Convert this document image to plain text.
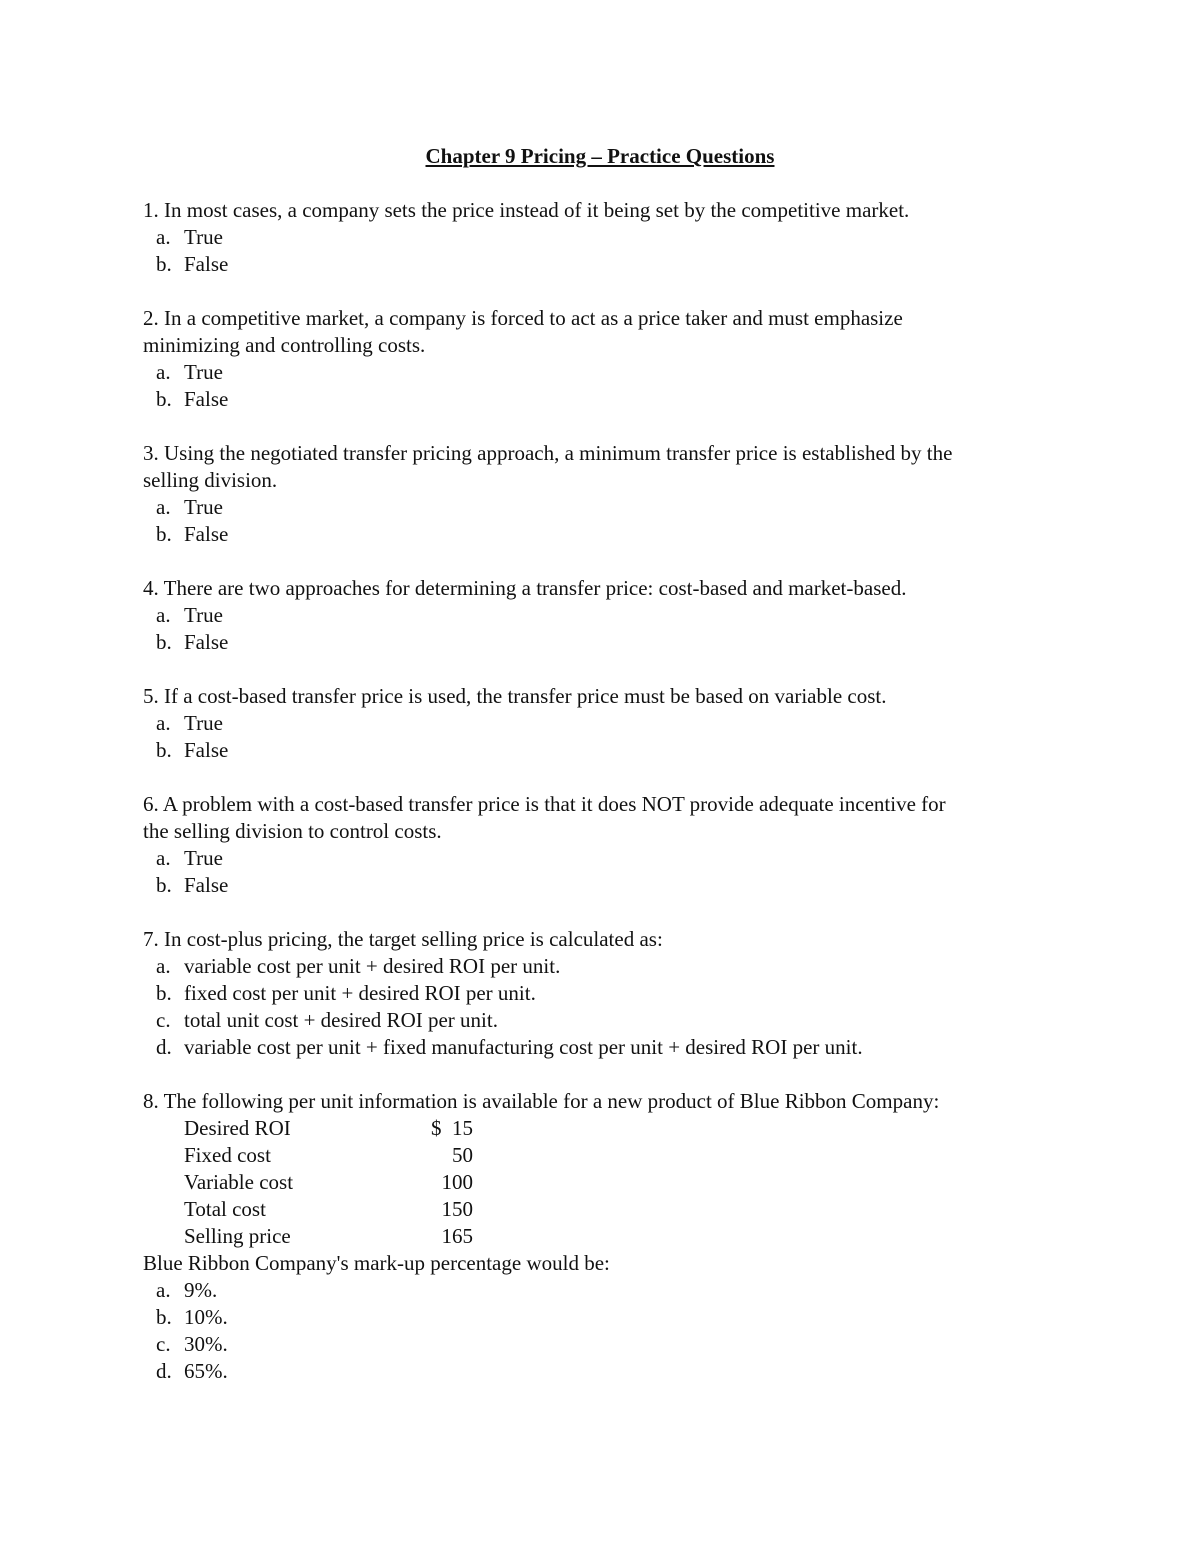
Chapter 9 Pricing – Practice Questions
1. In most cases, a company sets the price instead of it being set by the competitive market.
a. True
b. False
2. In a competitive market, a company is forced to act as a price taker and must emphasize
minimizing and controlling costs.
a. True
b. False
3. Using the negotiated transfer pricing approach, a minimum transfer price is established by the
selling division.
a. True
b. False
4. There are two approaches for determining a transfer price: cost-based and market-based.
a. True
b. False
5. If a cost-based transfer price is used, the transfer price must be based on variable cost.
a. True
b. False
6. A problem with a cost-based transfer price is that it does NOT provide adequate incentive for
the selling division to control costs.
a. True
b. False
7. In cost-plus pricing, the target selling price is calculated as:
a. variable cost per unit + desired ROI per unit.
b. fixed cost per unit + desired ROI per unit.
c. total unit cost + desired ROI per unit.
d. variable cost per unit + fixed manufacturing cost per unit + desired ROI per unit.
8. The following per unit information is available for a new product of Blue Ribbon Company:
Desired ROI	$  15
Fixed cost	50
Variable cost	100
Total cost	150
Selling price	165
Blue Ribbon Company's mark-up percentage would be:
a. 9%.
b. 10%.
c. 30%.
d. 65%.
